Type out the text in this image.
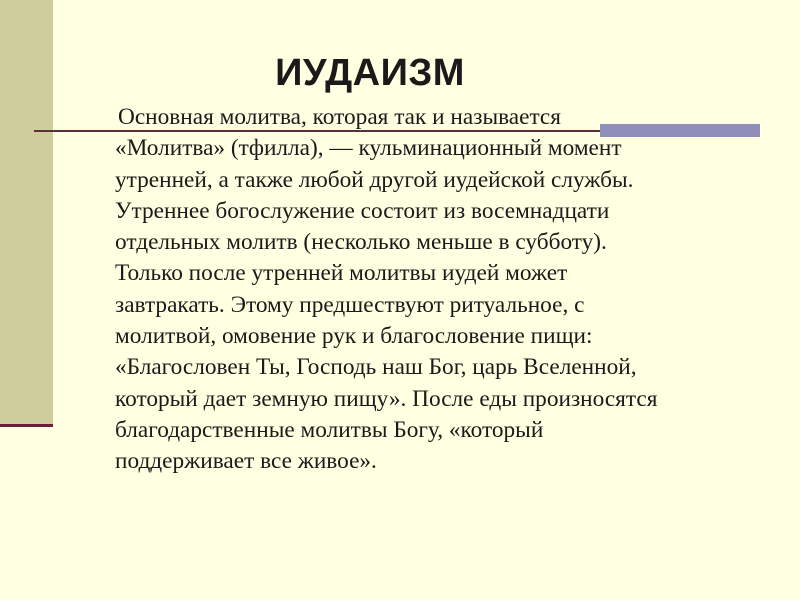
ИУДАИЗМ
Основная молитва, которая так и называется
«Молитва» (тфилла), — кульминационный момент
утренней, а также любой другой иудейской службы.
Утреннее богослужение состоит из восемнадцати
отдельных молитв (несколько меньше в субботу).
Только после утренней молитвы иудей может
завтракать. Этому предшествуют ритуальное, с
молитвой, омовение рук и благословение пищи:
«Благословен Ты, Господь наш Бог, царь Вселенной,
который дает земную пищу». После еды произносятся
благодарственные молитвы Богу, «который
поддерживает все живое».
